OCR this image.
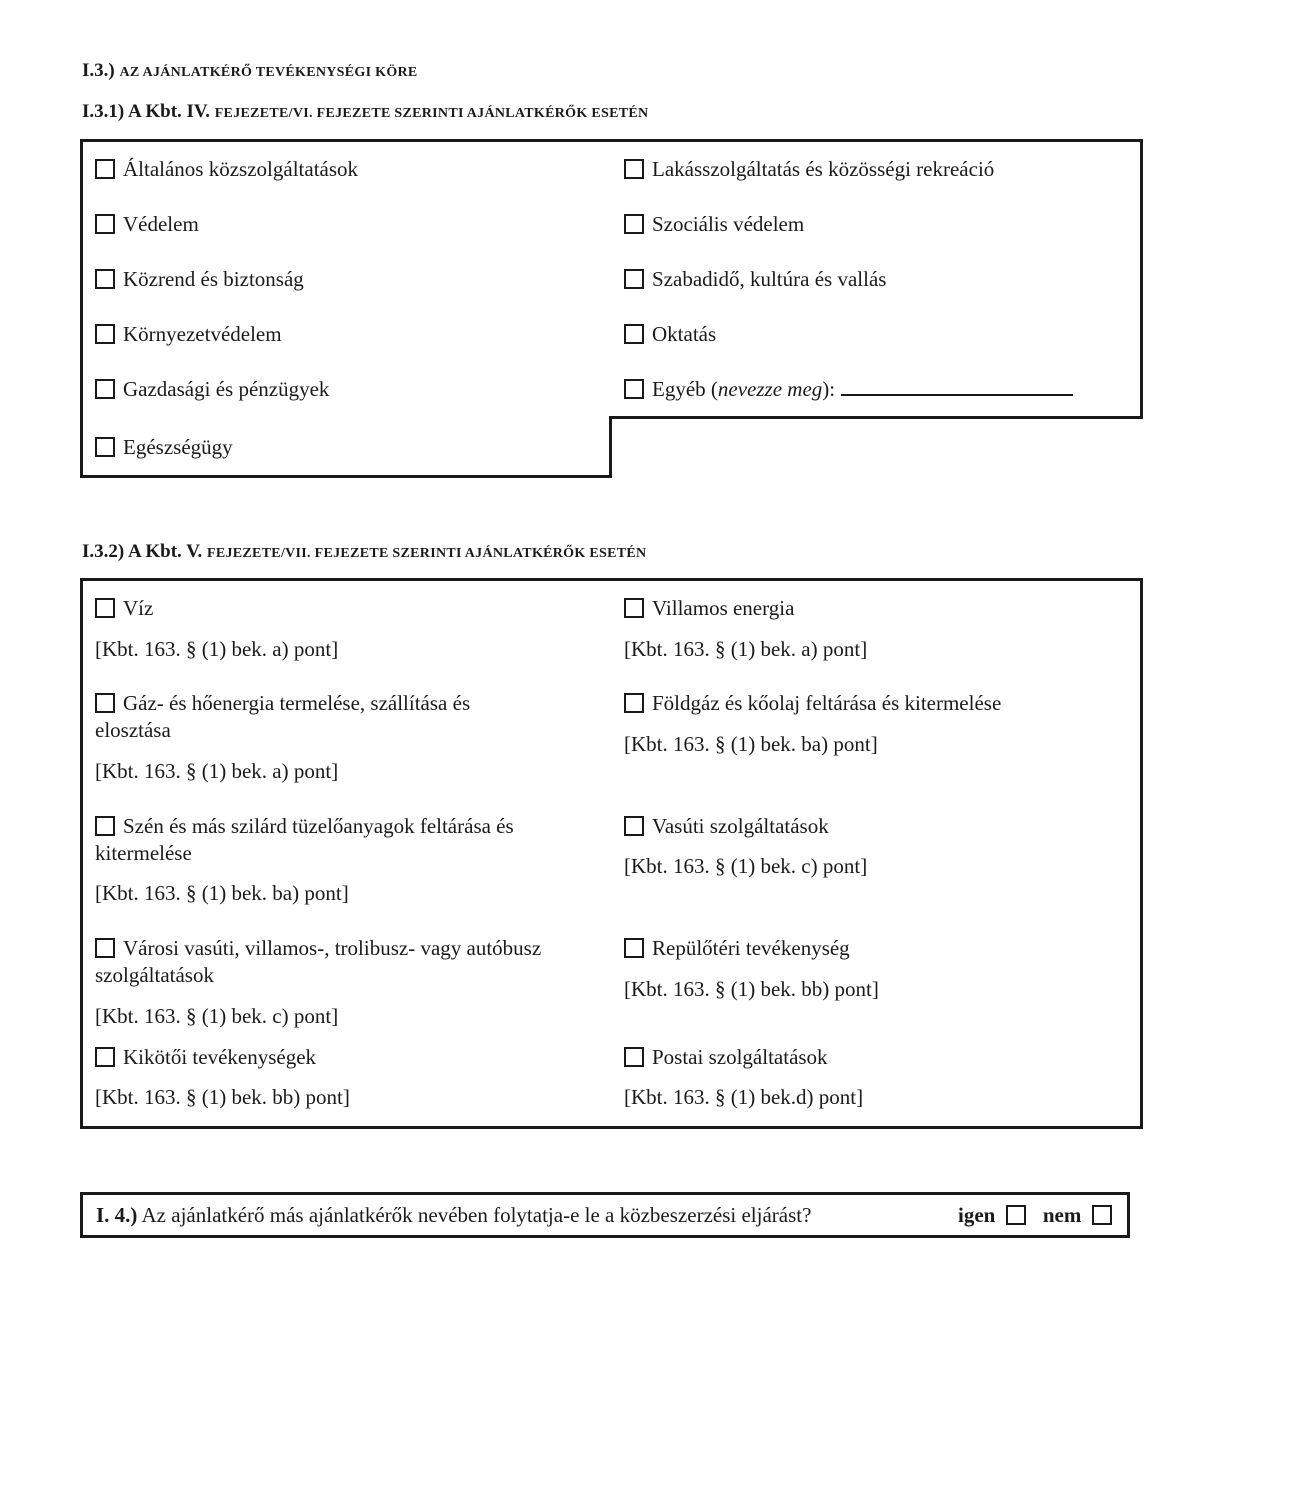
I.3.) AZ AJÁNLATKÉRŐ TEVÉKENYSÉGI KÖRE
I.3.1) A Kbt. IV. FEJEZETE/VI. FEJEZETE SZERINTI AJÁNLATKÉRŐK ESETÉN
Általános közszolgáltatások
Védelem
Közrend és biztonság
Környezetvédelem
Gazdasági és pénzügyek
Egészségügy
Lakásszolgáltatás és közösségi rekreáció
Szociális védelem
Szabadidő, kultúra és vallás
Oktatás
Egyéb (nevezze meg):
I.3.2) A Kbt. V. FEJEZETE/VII. FEJEZETE SZERINTI AJÁNLATKÉRŐK ESETÉN
Víz
[Kbt. 163. § (1) bek. a) pont]
Gáz- és hőenergia termelése, szállítása és
elosztása
[Kbt. 163. § (1) bek. a) pont]
Szén és más szilárd tüzelőanyagok feltárása és
kitermelése
[Kbt. 163. § (1) bek. ba) pont]
Városi vasúti, villamos-, trolibusz- vagy autóbusz
szolgáltatások
[Kbt. 163. § (1) bek. c) pont]
Kikötői tevékenységek
[Kbt. 163. § (1) bek. bb) pont]
Villamos energia
[Kbt. 163. § (1) bek. a) pont]
Földgáz és kőolaj feltárása és kitermelése
[Kbt. 163. § (1) bek. ba) pont]
Vasúti szolgáltatások
[Kbt. 163. § (1) bek. c) pont]
Repülőtéri tevékenység
[Kbt. 163. § (1) bek. bb) pont]
Postai szolgáltatások
[Kbt. 163. § (1) bek.d) pont]
I. 4.) Az ajánlatkérő más ajánlatkérők nevében folytatja-e le a közbeszerzési eljárást?	igen nem
